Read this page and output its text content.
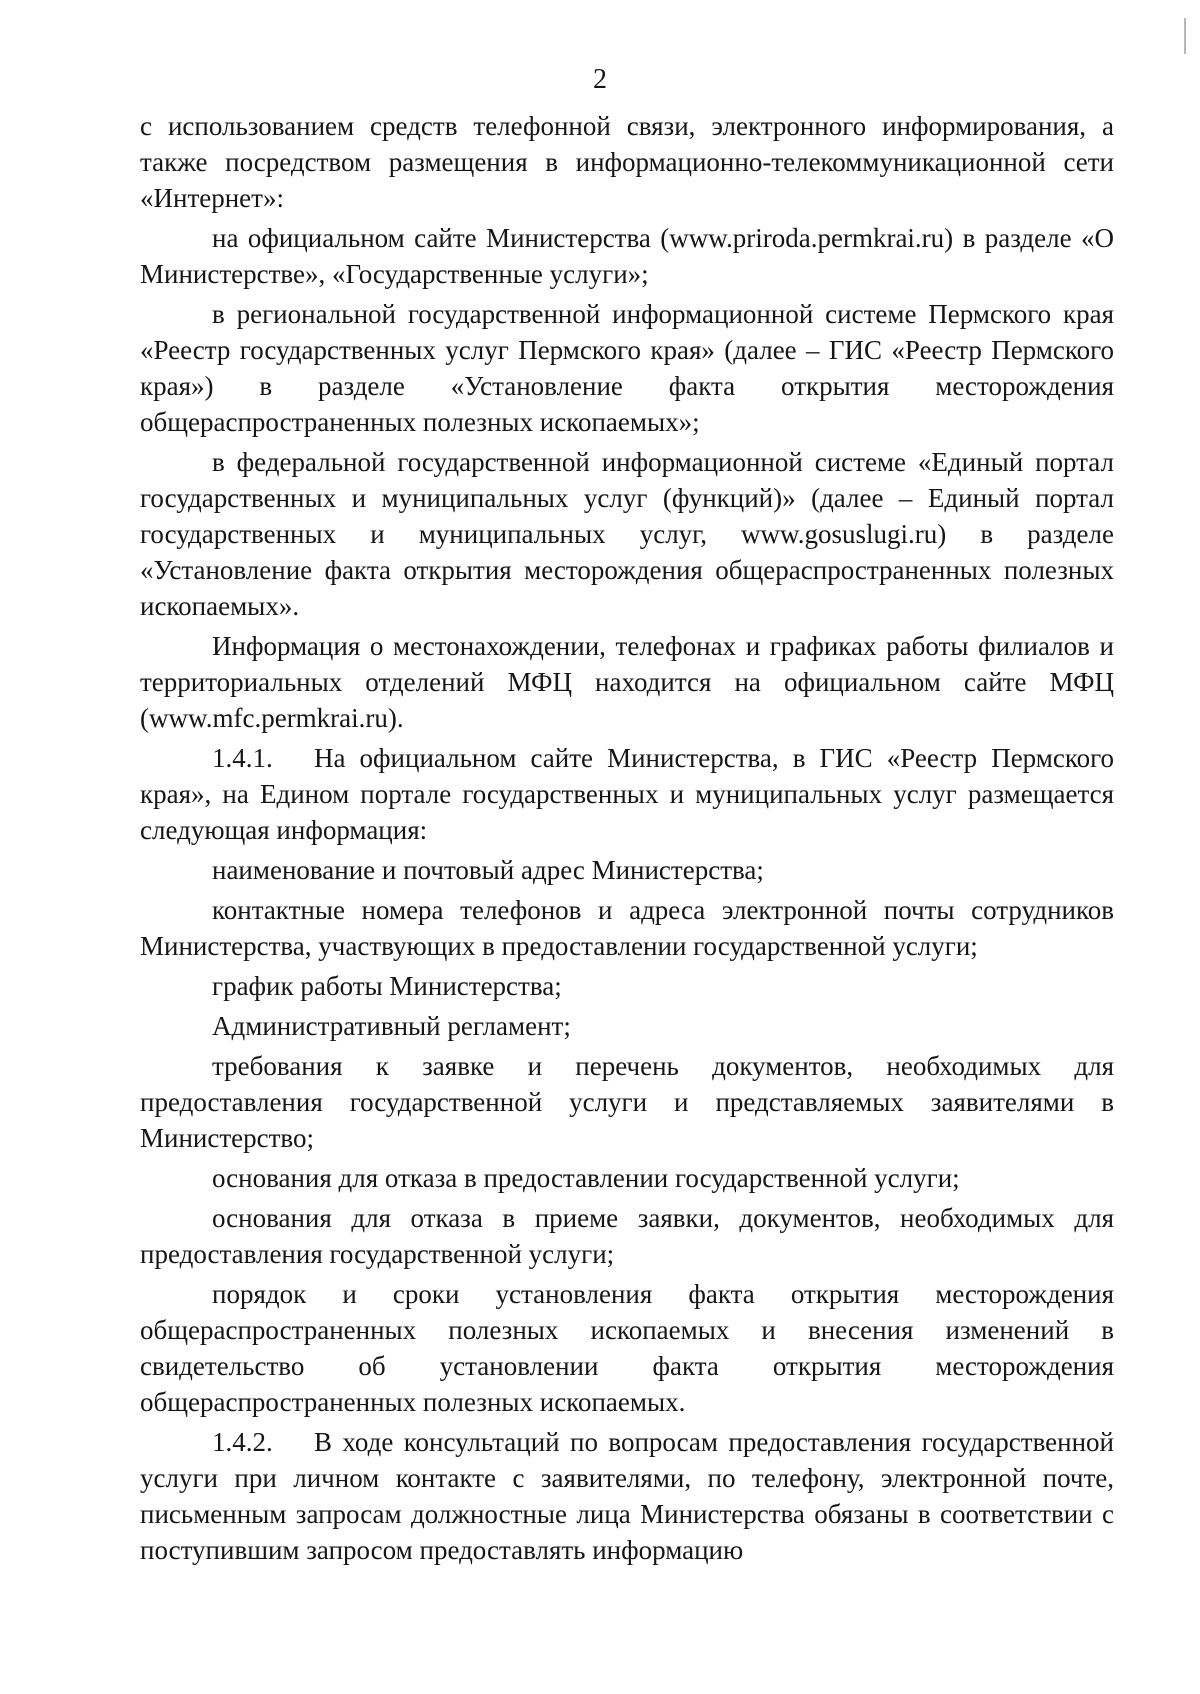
2

с использованием средств телефонной связи, электронного информирования, а также посредством размещения в информационно-телекоммуникационной сети «Интернет»:

на официальном сайте Министерства (www.priroda.permkrai.ru) в разделе «О Министерстве», «Государственные услуги»;

в региональной государственной информационной системе Пермского края «Реестр государственных услуг Пермского края» (далее – ГИС «Реестр Пермского края») в разделе «Установление факта открытия месторождения общераспространенных полезных ископаемых»;

в федеральной государственной информационной системе «Единый портал государственных и муниципальных услуг (функций)» (далее – Единый портал государственных и муниципальных услуг, www.gosuslugi.ru) в разделе «Установление факта открытия месторождения общераспространенных полезных ископаемых».

Информация о местонахождении, телефонах и графиках работы филиалов и территориальных отделений МФЦ находится на официальном сайте МФЦ (www.mfc.permkrai.ru).

1.4.1. На официальном сайте Министерства, в ГИС «Реестр Пермского края», на Едином портале государственных и муниципальных услуг размещается следующая информация:

наименование и почтовый адрес Министерства;

контактные номера телефонов и адреса электронной почты сотрудников Министерства, участвующих в предоставлении государственной услуги;

график работы Министерства;

Административный регламент;

требования к заявке и перечень документов, необходимых для предоставления государственной услуги и представляемых заявителями в Министерство;

основания для отказа в предоставлении государственной услуги;

основания для отказа в приеме заявки, документов, необходимых для предоставления государственной услуги;

порядок и сроки установления факта открытия месторождения общераспространенных полезных ископаемых и внесения изменений в свидетельство об установлении факта открытия месторождения общераспространенных полезных ископаемых.

1.4.2. В ходе консультаций по вопросам предоставления государственной услуги при личном контакте с заявителями, по телефону, электронной почте, письменным запросам должностные лица Министерства обязаны в соответствии с поступившим запросом предоставлять информацию
